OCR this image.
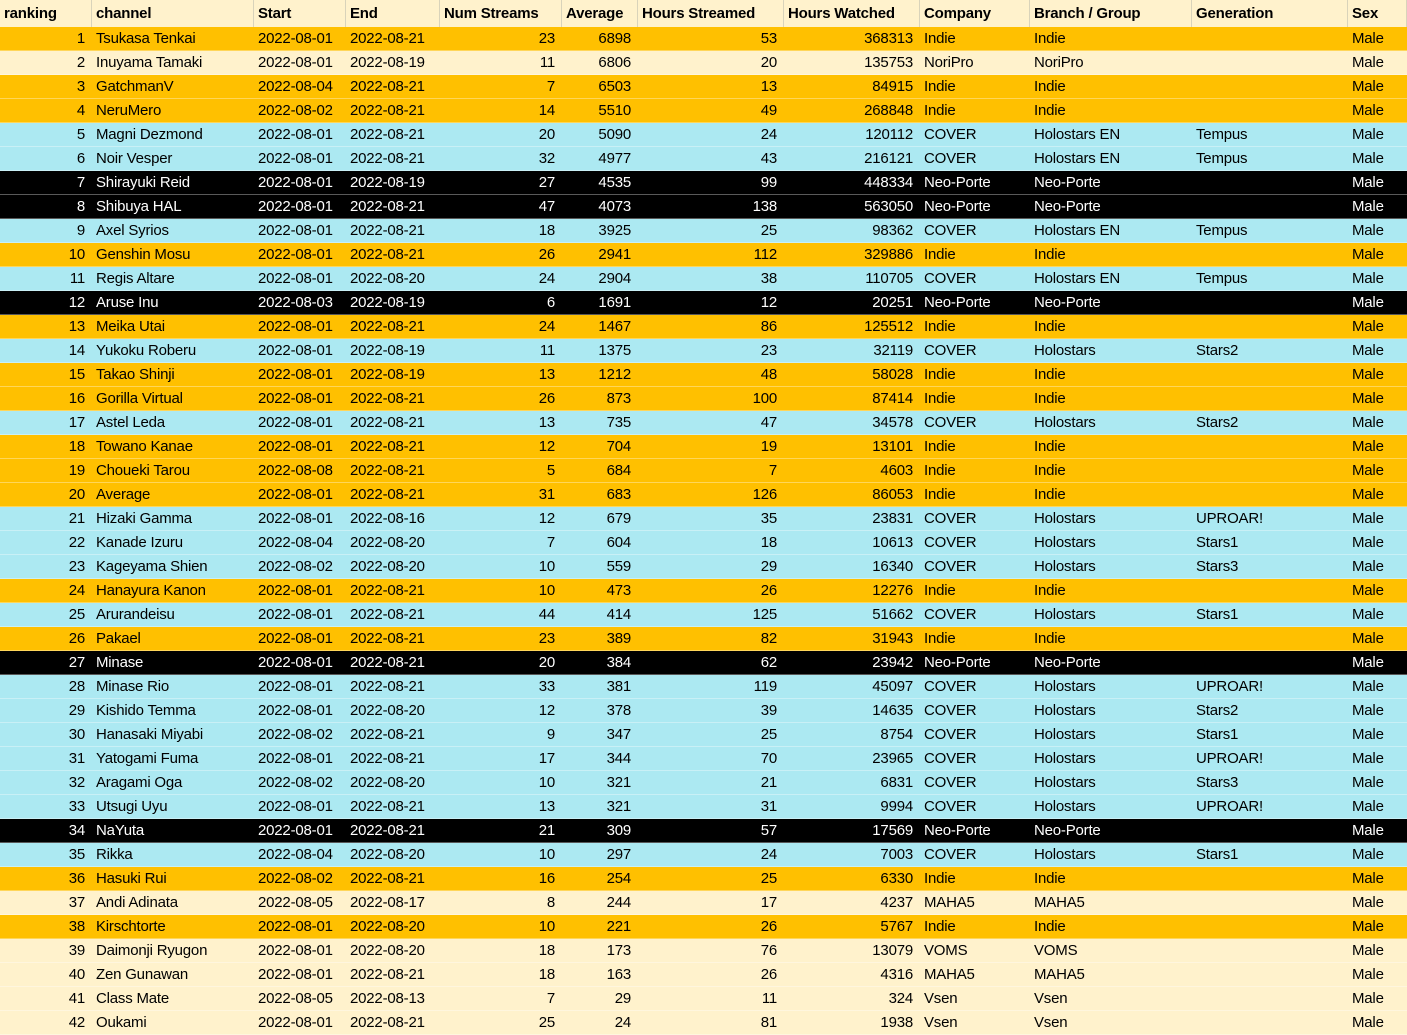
ranking	channel	Start	End	Num Streams	Average	Hours Streamed	Hours Watched	Company	Branch / Group	Generation	Sex
1	Tsukasa Tenkai	2022-08-01	2022-08-21	23	6898	53	368313	Indie	Indie		Male
2	Inuyama Tamaki	2022-08-01	2022-08-19	11	6806	20	135753	NoriPro	NoriPro		Male
3	GatchmanV	2022-08-04	2022-08-21	7	6503	13	84915	Indie	Indie		Male
4	NeruMero	2022-08-02	2022-08-21	14	5510	49	268848	Indie	Indie		Male
5	Magni Dezmond	2022-08-01	2022-08-21	20	5090	24	120112	COVER	Holostars EN	Tempus	Male
6	Noir Vesper	2022-08-01	2022-08-21	32	4977	43	216121	COVER	Holostars EN	Tempus	Male
7	Shirayuki Reid	2022-08-01	2022-08-19	27	4535	99	448334	Neo-Porte	Neo-Porte		Male
8	Shibuya HAL	2022-08-01	2022-08-21	47	4073	138	563050	Neo-Porte	Neo-Porte		Male
9	Axel Syrios	2022-08-01	2022-08-21	18	3925	25	98362	COVER	Holostars EN	Tempus	Male
10	Genshin Mosu	2022-08-01	2022-08-21	26	2941	112	329886	Indie	Indie		Male
11	Regis Altare	2022-08-01	2022-08-20	24	2904	38	110705	COVER	Holostars EN	Tempus	Male
12	Aruse Inu	2022-08-03	2022-08-19	6	1691	12	20251	Neo-Porte	Neo-Porte		Male
13	Meika Utai	2022-08-01	2022-08-21	24	1467	86	125512	Indie	Indie		Male
14	Yukoku Roberu	2022-08-01	2022-08-19	11	1375	23	32119	COVER	Holostars	Stars2	Male
15	Takao Shinji	2022-08-01	2022-08-19	13	1212	48	58028	Indie	Indie		Male
16	Gorilla Virtual	2022-08-01	2022-08-21	26	873	100	87414	Indie	Indie		Male
17	Astel Leda	2022-08-01	2022-08-21	13	735	47	34578	COVER	Holostars	Stars2	Male
18	Towano Kanae	2022-08-01	2022-08-21	12	704	19	13101	Indie	Indie		Male
19	Choueki Tarou	2022-08-08	2022-08-21	5	684	7	4603	Indie	Indie		Male
20	Average	2022-08-01	2022-08-21	31	683	126	86053	Indie	Indie		Male
21	Hizaki Gamma	2022-08-01	2022-08-16	12	679	35	23831	COVER	Holostars	UPROAR!	Male
22	Kanade Izuru	2022-08-04	2022-08-20	7	604	18	10613	COVER	Holostars	Stars1	Male
23	Kageyama Shien	2022-08-02	2022-08-20	10	559	29	16340	COVER	Holostars	Stars3	Male
24	Hanayura Kanon	2022-08-01	2022-08-21	10	473	26	12276	Indie	Indie		Male
25	Arurandeisu	2022-08-01	2022-08-21	44	414	125	51662	COVER	Holostars	Stars1	Male
26	Pakael	2022-08-01	2022-08-21	23	389	82	31943	Indie	Indie		Male
27	Minase	2022-08-01	2022-08-21	20	384	62	23942	Neo-Porte	Neo-Porte		Male
28	Minase Rio	2022-08-01	2022-08-21	33	381	119	45097	COVER	Holostars	UPROAR!	Male
29	Kishido Temma	2022-08-01	2022-08-20	12	378	39	14635	COVER	Holostars	Stars2	Male
30	Hanasaki Miyabi	2022-08-02	2022-08-21	9	347	25	8754	COVER	Holostars	Stars1	Male
31	Yatogami Fuma	2022-08-01	2022-08-21	17	344	70	23965	COVER	Holostars	UPROAR!	Male
32	Aragami Oga	2022-08-02	2022-08-20	10	321	21	6831	COVER	Holostars	Stars3	Male
33	Utsugi Uyu	2022-08-01	2022-08-21	13	321	31	9994	COVER	Holostars	UPROAR!	Male
34	NaYuta	2022-08-01	2022-08-21	21	309	57	17569	Neo-Porte	Neo-Porte		Male
35	Rikka	2022-08-04	2022-08-20	10	297	24	7003	COVER	Holostars	Stars1	Male
36	Hasuki Rui	2022-08-02	2022-08-21	16	254	25	6330	Indie	Indie		Male
37	Andi Adinata	2022-08-05	2022-08-17	8	244	17	4237	MAHA5	MAHA5		Male
38	Kirschtorte	2022-08-01	2022-08-20	10	221	26	5767	Indie	Indie		Male
39	Daimonji Ryugon	2022-08-01	2022-08-20	18	173	76	13079	VOMS	VOMS		Male
40	Zen Gunawan	2022-08-01	2022-08-21	18	163	26	4316	MAHA5	MAHA5		Male
41	Class Mate	2022-08-05	2022-08-13	7	29	11	324	Vsen	Vsen		Male
42	Oukami	2022-08-01	2022-08-21	25	24	81	1938	Vsen	Vsen		Male
